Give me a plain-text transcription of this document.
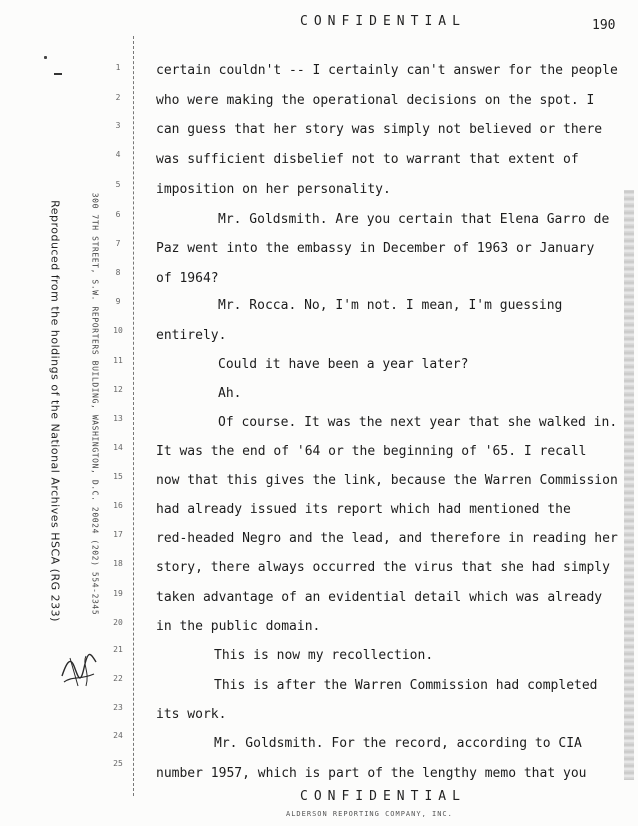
CONFIDENTIAL	190
Reproduced from the holdings of the National Archives HSCA (RG 233)	300 7TH STREET, S.W. REPORTERS BUILDING, WASHINGTON, D.C. 20024 (202) 554-2345
1
2
3
4
5
6
7
8
9
10
11
12
13
14
15
16
17
18
19
20
21
22
23
24
25
certain couldn't -- I certainly can't answer for the people
who were making the operational decisions on the spot. I
can guess that her story was simply not believed or there
was sufficient disbelief not to warrant that extent of
imposition on her personality.
Mr. Goldsmith. Are you certain that Elena Garro de
Paz went into the embassy in December of 1963 or January
of 1964?
Mr. Rocca. No, I'm not. I mean, I'm guessing
entirely.
Could it have been a year later?
Ah.
Of course. It was the next year that she walked in.
It was the end of '64 or the beginning of '65. I recall
now that this gives the link, because the Warren Commission
had already issued its report which had mentioned the
red-headed Negro and the lead, and therefore in reading her
story, there always occurred the virus that she had simply
taken advantage of an evidential detail which was already
in the public domain.
This is now my recollection.
This is after the Warren Commission had completed
its work.
Mr. Goldsmith. For the record, according to CIA
number 1957, which is part of the lengthy memo that you
CONFIDENTIAL
ALDERSON REPORTING COMPANY, INC.
